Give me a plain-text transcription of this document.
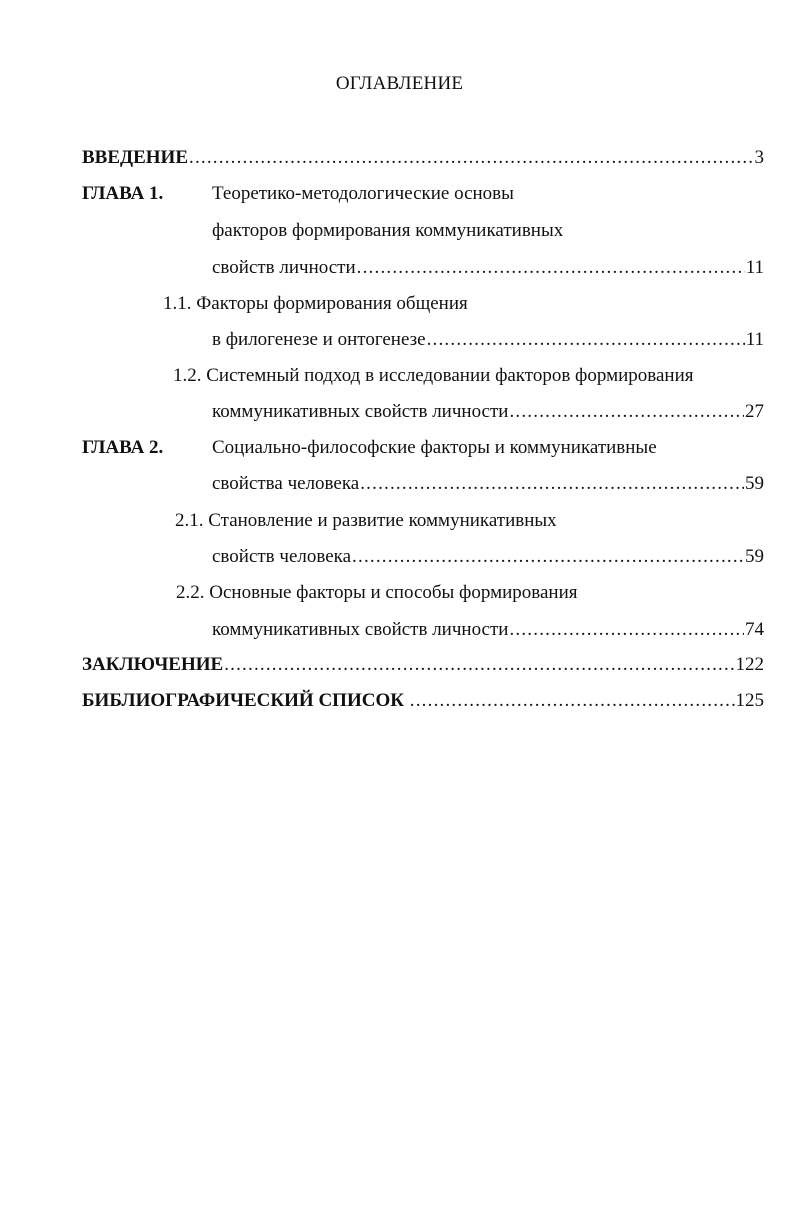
ОГЛАВЛЕНИЕ
ВВЕДЕНИЕ .....	3
ГЛАВА 1.	Теоретико-методологические основы
факторов формирования коммуникативных
свойств личности .....	11
1.1. Факторы формирования общения
в филогенезе и онтогенезе .....	11
1.2. Системный подход в исследовании факторов формирования
коммуникативных свойств личности .....	27
ГЛАВА 2.	Социально-философские факторы и коммуникативные
свойства человека .....	59
2.1. Становление и развитие коммуникативных
свойств человека .....	59
2.2. Основные факторы и способы формирования
коммуникативных свойств личности .....	74
ЗАКЛЮЧЕНИЕ .....	122
БИБЛИОГРАФИЧЕСКИЙ СПИСОК .....	125
